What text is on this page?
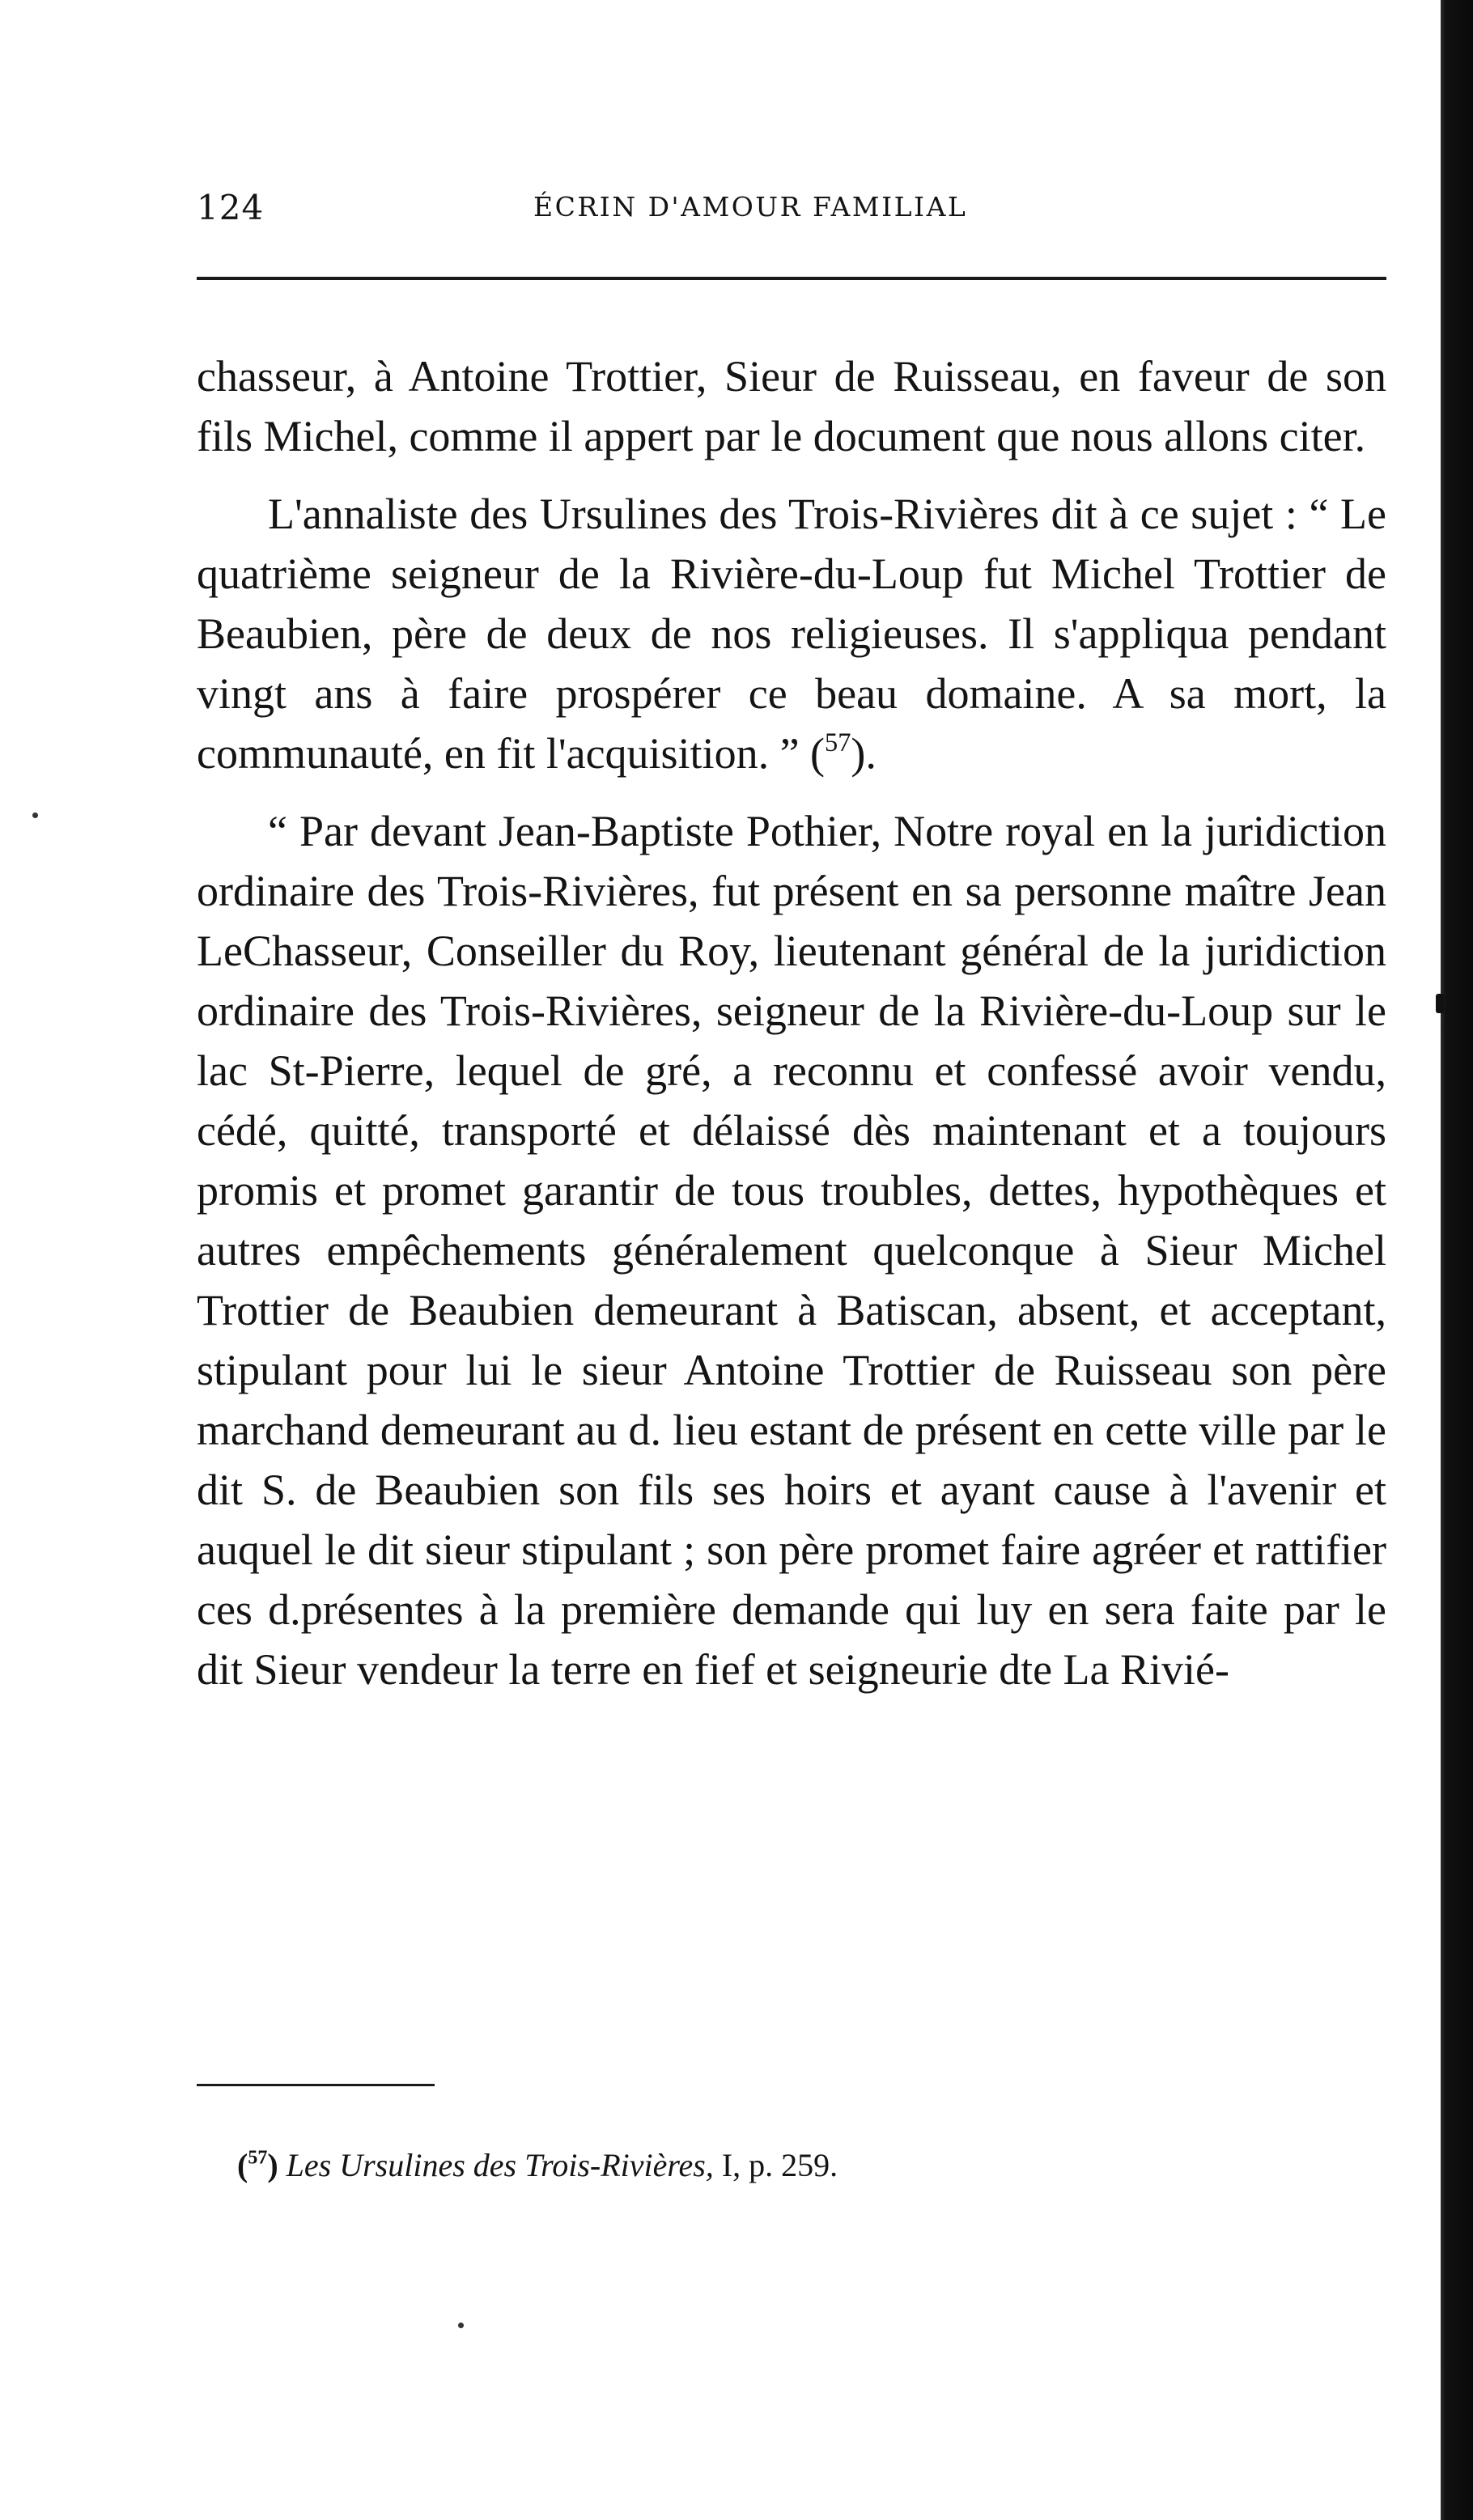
124	ÉCRIN D'AMOUR FAMILIAL

chasseur, à Antoine Trottier, Sieur de Ruisseau, en faveur de son fils Michel, comme il appert par le document que nous allons citer.

L'annaliste des Ursulines des Trois-Rivières dit à ce sujet : “ Le quatrième seigneur de la Rivière-du-Loup fut Michel Trottier de Beaubien, père de deux de nos religieuses. Il s'appliqua pendant vingt ans à faire prospérer ce beau domaine. A sa mort, la communauté, en fit l'acquisition. ” ($^{57}$).

“ Par devant Jean-Baptiste Pothier, Notre royal en la juridiction ordinaire des Trois-Rivières, fut présent en sa personne maître Jean LeChasseur, Conseiller du Roy, lieutenant général de la juridiction ordinaire des Trois-Rivières, seigneur de la Rivière-du-Loup sur le lac St-Pierre, lequel de gré, a reconnu et confessé avoir vendu, cédé, quitté, transporté et délaissé dès maintenant et a toujours promis et promet garantir de tous troubles, dettes, hypothèques et autres empêchements généralement quelconque à Sieur Michel Trottier de Beaubien demeurant à Batiscan, absent, et acceptant, stipulant pour lui le sieur Antoine Trottier de Ruisseau son père marchand demeurant au d. lieu estant de présent en cette ville par le dit S. de Beaubien son fils ses hoirs et ayant cause à l'avenir et auquel le dit sieur stipulant ; son père promet faire agréer et rattifier ces d.présentes à la première demande qui luy en sera faite par le dit Sieur vendeur la terre en fief et seigneurie dte La Rivié-

($^{57}$) Les Ursulines des Trois-Rivières, I, p. 259.
